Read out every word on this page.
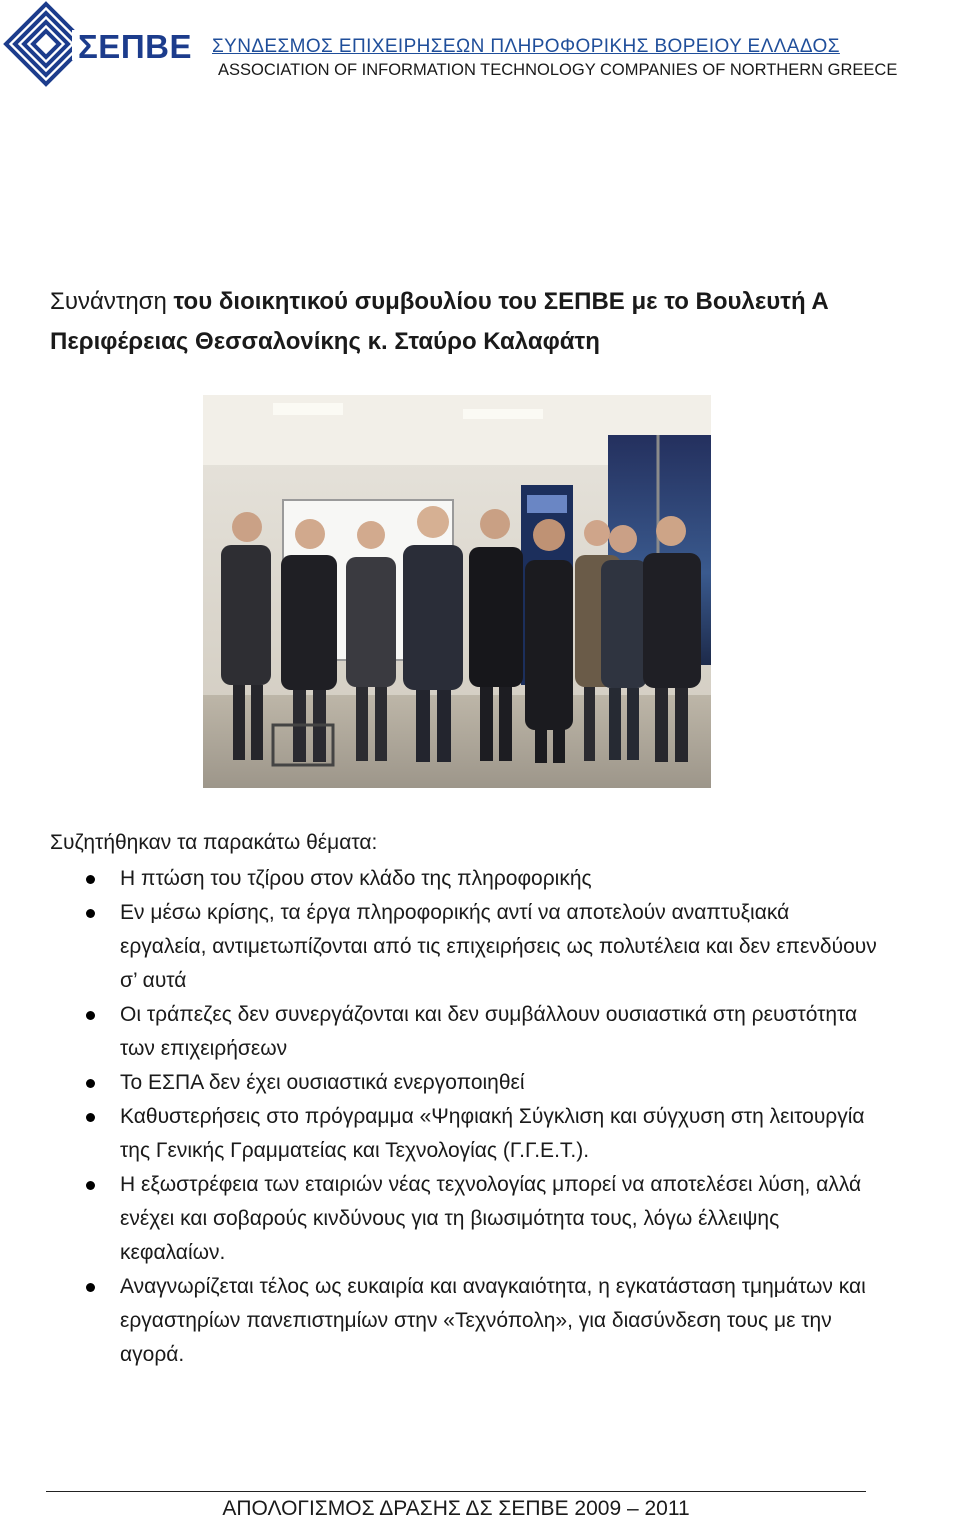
ΣΕΠΒΕ ΣΥΝΔΕΣΜΟΣ ΕΠΙΧΕΙΡΗΣΕΩΝ ΠΛΗΡΟΦΟΡΙΚΗΣ ΒΟΡΕΙΟΥ ΕΛΛΑΔΟΣ
ASSOCIATION OF INFORMATION TECHNOLOGY COMPANIES OF NORTHERN GREECE
Συνάντηση του διοικητικού συμβουλίου του ΣΕΠΒΕ με το Βουλευτή Α Περιφέρειας Θεσσαλονίκης κ. Σταύρο Καλαφάτη
Συζητήθηκαν τα παρακάτω θέματα:
Η πτώση του τζίρου στον κλάδο της πληροφορικής
Εν μέσω κρίσης, τα έργα πληροφορικής αντί να αποτελούν αναπτυξιακά εργαλεία, αντιμετωπίζονται από τις επιχειρήσεις ως πολυτέλεια και δεν επενδύουν σ’ αυτά
Οι τράπεζες δεν συνεργάζονται και δεν συμβάλλουν ουσιαστικά στη ρευστότητα των επιχειρήσεων
Το ΕΣΠΑ δεν έχει ουσιαστικά ενεργοποιηθεί
Καθυστερήσεις στο πρόγραμμα «Ψηφιακή Σύγκλιση και σύγχυση στη λειτουργία της Γενικής Γραμματείας και Τεχνολογίας (Γ.Γ.Ε.Τ.).
Η εξωστρέφεια των εταιριών νέας τεχνολογίας μπορεί να αποτελέσει λύση, αλλά ενέχει και σοβαρούς κινδύνους για τη βιωσιμότητα τους, λόγω έλλειψης κεφαλαίων.
Αναγνωρίζεται τέλος ως ευκαιρία και αναγκαιότητα, η εγκατάσταση τμημάτων και εργαστηρίων πανεπιστημίων στην «Τεχνόπολη», για διασύνδεση τους με την αγορά.
ΑΠΟΛΟΓΙΣΜΟΣ ΔΡΑΣΗΣ ΔΣ ΣΕΠΒΕ 2009 – 2011
